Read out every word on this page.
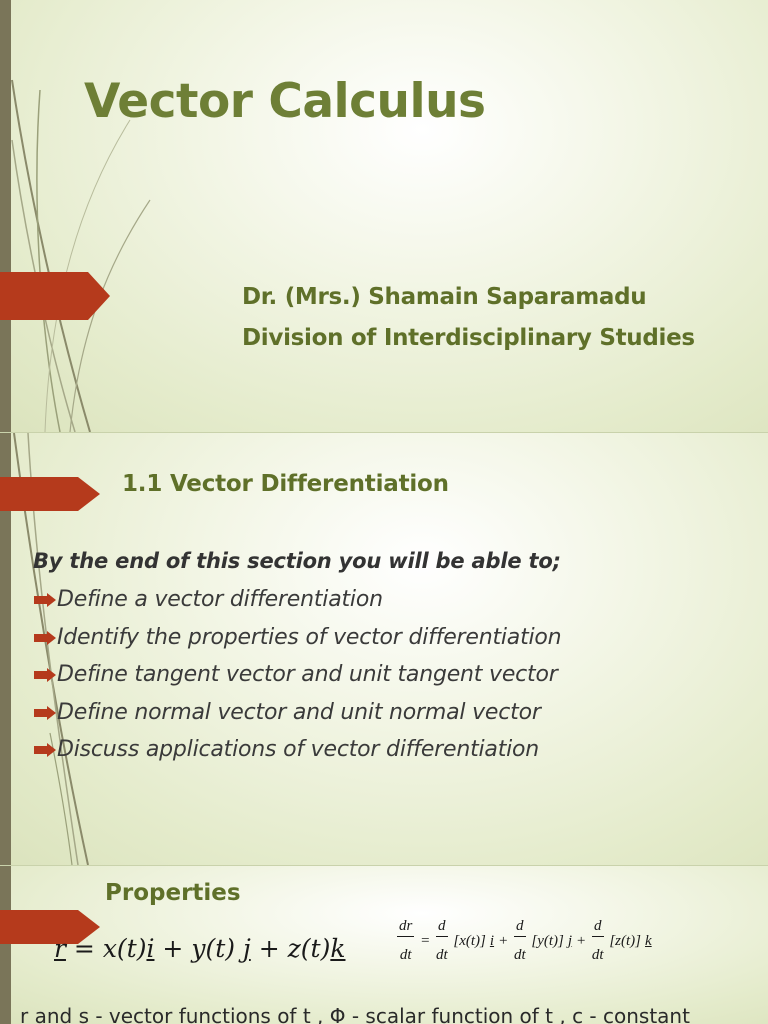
Vector Calculus
Dr. (Mrs.) Shamain Saparamadu
Division of Interdisciplinary Studies
1.1 Vector Differentiation
By the end of this section you will be able to;
Define a vector differentiation
Identify the properties of vector differentiation
Define tangent vector and unit tangent vector
Define normal vector and unit normal vector
Discuss applications of vector differentiation
Properties
r = x(t)i + y(t) j + z(t)k	$\frac{dr}{dt} = \frac{d}{dt} [x(t)] i + \frac{d}{dt} [y(t)] j + \frac{d}{dt} [z(t)]$ k
r and s - vector functions of t , Φ - scalar function of t , c - constant
